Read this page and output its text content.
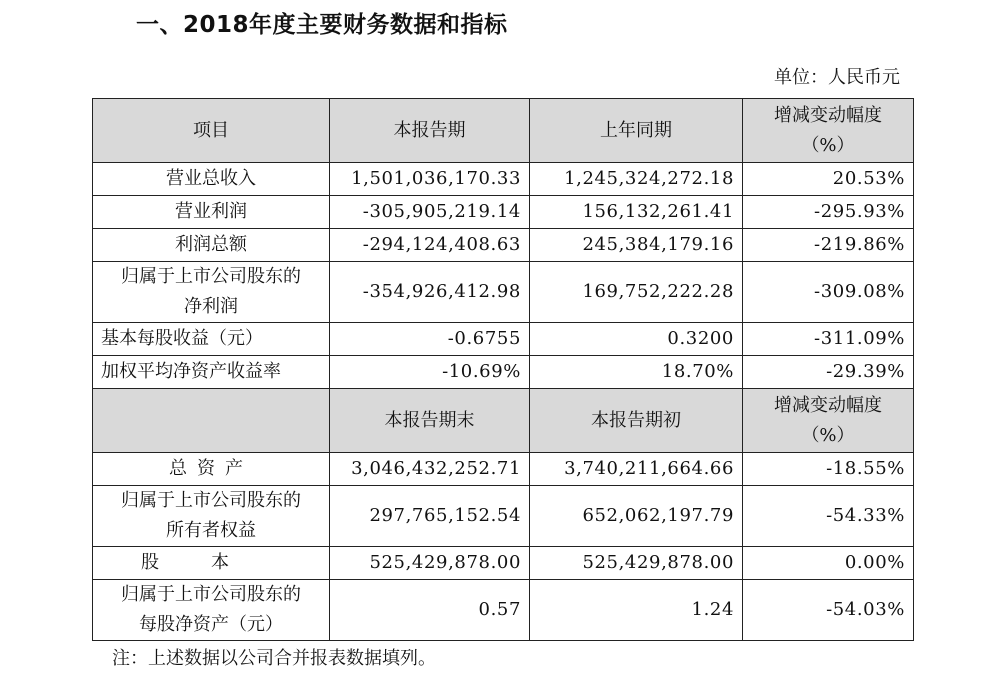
一、2018年度主要财务数据和指标
单位：人民币元
项目	本报告期	上年同期	增减变动幅度
（%）

营业总收入	1,501,036,170.33	1,245,324,272.18	20.53%
营业利润	-305,905,219.14	156,132,261.41	-295.93%
利润总额	-294,124,408.63	245,384,179.16	-219.86%

归属于上市公司股东的
净利润	-354,926,412.98	169,752,222.28	-309.08%
基本每股收益（元）	-0.6755	0.3200	-311.09%
加权平均净资产收益率	-10.69%	18.70%	-29.39%
	本报告期末	本报告期初	增减变动幅度
（%）

总资产	3,046,432,252.71	3,740,211,664.66	-18.55%

归属于上市公司股东的
所有者权益	297,765,152.54	652,062,197.79	-54.33%
股本	525,429,878.00	525,429,878.00	0.00%

归属于上市公司股东的
每股净资产（元）	0.57	1.24	-54.03%
注：上述数据以公司合并报表数据填列。
